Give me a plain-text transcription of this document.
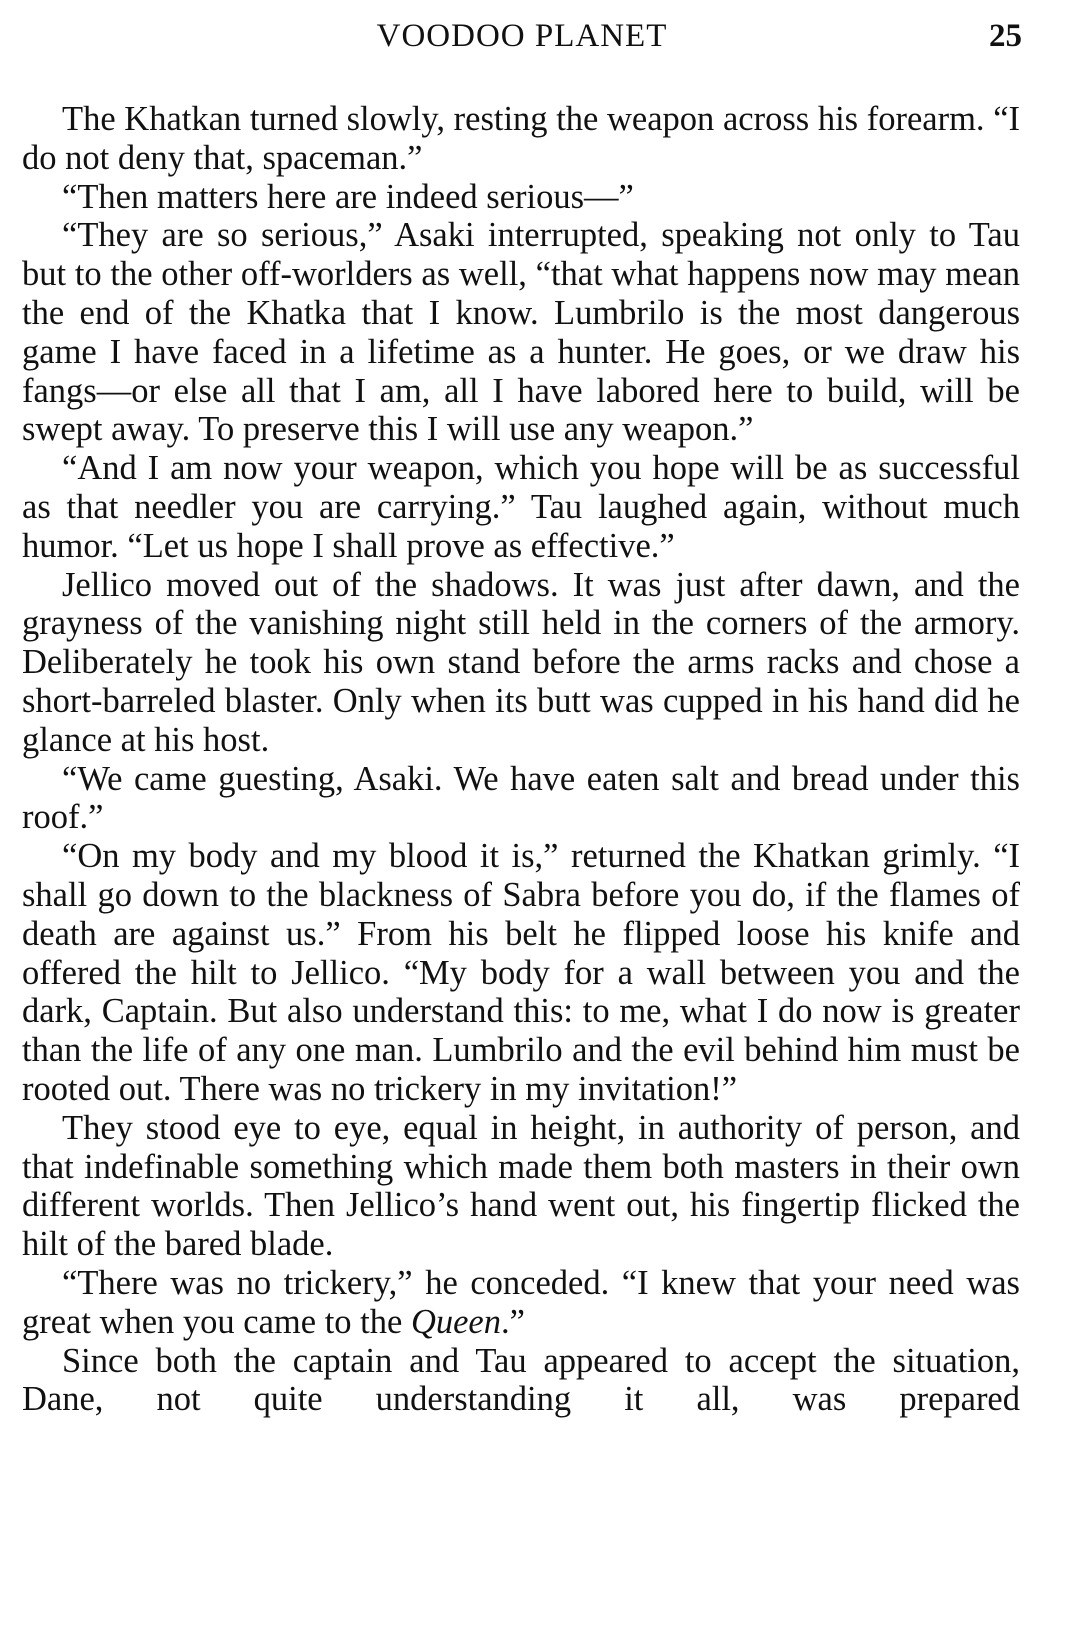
VOODOO PLANET	25

The Khatkan turned slowly, resting the weapon across his forearm. “I do not deny that, spaceman.”

“Then matters here are indeed serious—”

“They are so serious,” Asaki interrupted, speaking not only to Tau but to the other off-worlders as well, “that what happens now may mean the end of the Khatka that I know. Lumbrilo is the most dangerous game I have faced in a lifetime as a hunter. He goes, or we draw his fangs—or else all that I am, all I have labored here to build, will be swept away. To preserve this I will use any weapon.”

“And I am now your weapon, which you hope will be as successful as that needler you are carrying.” Tau laughed again, without much humor. “Let us hope I shall prove as effective.”

Jellico moved out of the shadows. It was just after dawn, and the grayness of the vanishing night still held in the corners of the armory. Deliberately he took his own stand before the arms racks and chose a short-barreled blaster. Only when its butt was cupped in his hand did he glance at his host.

“We came guesting, Asaki. We have eaten salt and bread under this roof.”

“On my body and my blood it is,” returned the Khatkan grimly. “I shall go down to the blackness of Sabra before you do, if the flames of death are against us.” From his belt he flipped loose his knife and offered the hilt to Jellico. “My body for a wall between you and the dark, Captain. But also understand this: to me, what I do now is greater than the life of any one man. Lumbrilo and the evil behind him must be rooted out. There was no trickery in my invitation!”

They stood eye to eye, equal in height, in authority of person, and that indefinable something which made them both masters in their own different worlds. Then Jellico’s hand went out, his fingertip flicked the hilt of the bared blade.

“There was no trickery,” he conceded. “I knew that your need was great when you came to the Queen.”

Since both the captain and Tau appeared to accept the situation, Dane, not quite understanding it all, was prepared
